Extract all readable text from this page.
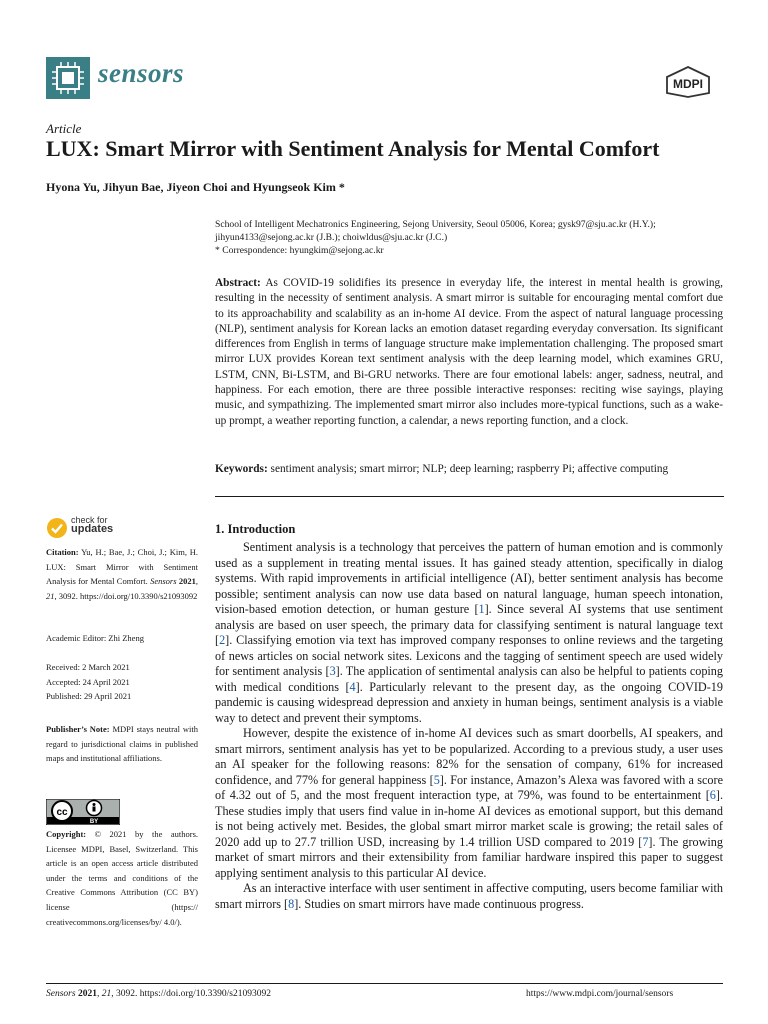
sensors	MDPI
Article
LUX: Smart Mirror with Sentiment Analysis for Mental Comfort
Hyona Yu, Jihyun Bae, Jiyeon Choi and Hyungseok Kim *
School of Intelligent Mechatronics Engineering, Sejong University, Seoul 05006, Korea; gysk97@sju.ac.kr (H.Y.);
jihyun4133@sejong.ac.kr (J.B.); choiwldus@sju.ac.kr (J.C.)
* Correspondence: hyungkim@sejong.ac.kr
Abstract: As COVID-19 solidifies its presence in everyday life, the interest in mental health is growing, resulting in the necessity of sentiment analysis. A smart mirror is suitable for encouraging mental comfort due to its approachability and scalability as an in-home AI device. From the aspect of natural language processing (NLP), sentiment analysis for Korean lacks an emotion dataset regarding everyday conversation. Its significant differences from English in terms of language structure make implementation challenging. The proposed smart mirror LUX provides Korean text sentiment analysis with the deep learning model, which examines GRU, LSTM, CNN, Bi-LSTM, and Bi-GRU networks. There are four emotional labels: anger, sadness, neutral, and happiness. For each emotion, there are three possible interactive responses: reciting wise sayings, playing music, and sympathizing. The implemented smart mirror also includes more-typical functions, such as a wake-up prompt, a weather reporting function, a calendar, a news reporting function, and a clock.
Keywords: sentiment analysis; smart mirror; NLP; deep learning; raspberry Pi; affective computing
check for
updates
Citation: Yu, H.; Bae, J.; Choi, J.; Kim, H. LUX: Smart Mirror with Sentiment Analysis for Mental Comfort. Sensors 2021, 21, 3092. https://doi.org/10.3390/s21093092
Academic Editor: Zhi Zheng
Received: 2 March 2021
Accepted: 24 April 2021
Published: 29 April 2021
Publisher’s Note: MDPI stays neutral with regard to jurisdictional claims in published maps and institutional affiliations.
cc
BY
Copyright: © 2021 by the authors. Licensee MDPI, Basel, Switzerland. This article is an open access article distributed under the terms and conditions of the Creative Commons Attribution (CC BY) license (https:// creativecommons.org/licenses/by/ 4.0/).
1. Introduction

Sentiment analysis is a technology that perceives the pattern of human emotion and is commonly used as a supplement in treating mental issues. It has gained steady attention, specifically in dialog systems. With rapid improvements in artificial intelligence (AI), better sentiment analysis has become possible; sentiment analysis can now use data based on natural language, human speech intonation, vision-based emotion detection, or human gesture [1]. Since several AI systems that use sentiment analysis are based on user speech, the primary data for classifying sentiment is natural language text [2]. Classifying emotion via text has improved company responses to online reviews and the targeting of news articles on social network sites. Lexicons and the tagging of sentiment speech are used widely for sentiment analysis [3]. The application of sentimental analysis can also be helpful to patients coping with medical conditions [4]. Particularly relevant to the present day, as the ongoing COVID-19 pandemic is causing widespread depression and anxiety in human beings, sentiment analysis is a viable way to detect and prevent their symptoms.

However, despite the existence of in-home AI devices such as smart doorbells, AI speakers, and smart mirrors, sentiment analysis has yet to be popularized. According to a previous study, a user uses an AI speaker for the following reasons: 82% for the sensation of company, 61% for increased confidence, and 77% for general happiness [5]. For instance, Amazon’s Alexa was favored with a score of 4.32 out of 5, and the most frequent interaction type, at 79%, was found to be entertainment [6]. These studies imply that users find value in in-home AI devices as emotional support, but this demand is not being actively met. Besides, the global smart mirror market scale is growing; the retail sales of 2020 add up to 27.7 trillion USD, increasing by 1.4 trillion USD compared to 2019 [7]. The growing market of smart mirrors and their extensibility from familiar hardware inspired this paper to suggest applying sentiment analysis to this particular AI device.

As an interactive interface with user sentiment in affective computing, users become familiar with smart mirrors [8]. Studies on smart mirrors have made continuous progress.

Sensors 2021, 21, 3092. https://doi.org/10.3390/s21093092	https://www.mdpi.com/journal/sensors
